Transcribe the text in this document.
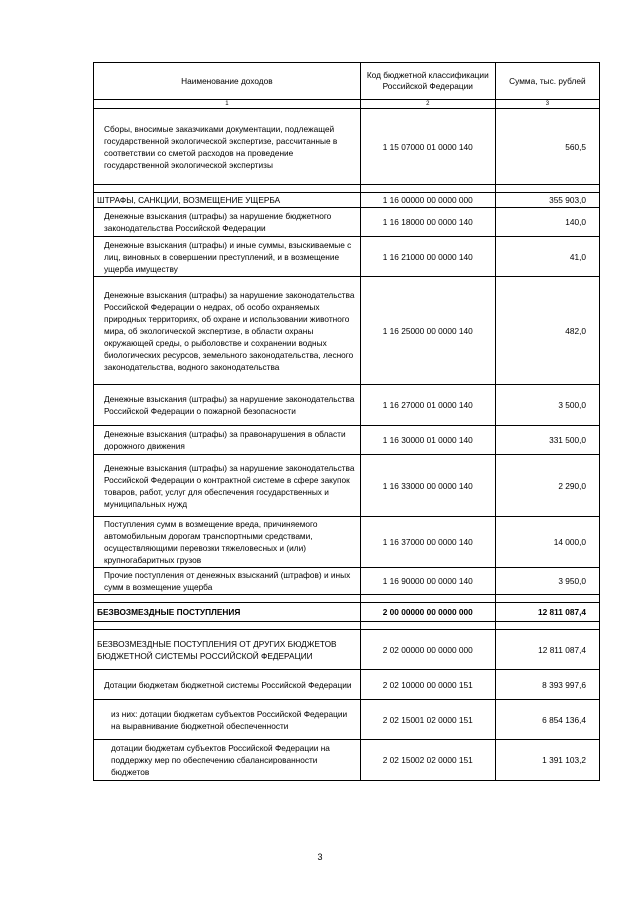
Наименование доходов	Код бюджетной классификации Российской Федерации	Сумма, тыс. рублей
1	2	3
Сборы, вносимые заказчиками документации, подлежащей государственной экологической экспертизе, рассчитанные в соответствии со сметой расходов на проведение государственной экологической экспертизы	1 15 07000 01 0000 140	560,5

ШТРАФЫ, САНКЦИИ, ВОЗМЕЩЕНИЕ УЩЕРБА	1 16 00000 00 0000 000	355 903,0
Денежные взыскания (штрафы) за нарушение бюджетного законодательства Российской Федерации	1 16 18000 00 0000 140	140,0
Денежные взыскания (штрафы) и иные суммы, взыскиваемые с лиц, виновных в совершении преступлений, и в возмещение ущерба имуществу	1 16 21000 00 0000 140	41,0
Денежные взыскания (штрафы) за нарушение законодательства Российской Федерации о недрах, об особо охраняемых природных территориях, об охране и использовании животного мира, об экологической экспертизе, в области охраны окружающей среды, о рыболовстве и сохранении водных биологических ресурсов, земельного законодательства, лесного законодательства, водного законодательства	1 16 25000 00 0000 140	482,0
Денежные взыскания (штрафы) за нарушение законодательства Российской Федерации о пожарной безопасности	1 16 27000 01 0000 140	3 500,0
Денежные взыскания (штрафы) за правонарушения в области дорожного движения	1 16 30000 01 0000 140	331 500,0
Денежные взыскания (штрафы) за нарушение законодательства Российской Федерации о контрактной системе в сфере закупок товаров, работ, услуг для обеспечения государственных и муниципальных нужд	1 16 33000 00 0000 140	2 290,0
Поступления сумм в возмещение вреда, причиняемого автомобильным дорогам транспортными средствами, осуществляющими перевозки тяжеловесных и (или) крупногабаритных грузов	1 16 37000 00 0000 140	14 000,0
Прочие поступления от денежных взысканий (штрафов) и иных сумм в возмещение ущерба	1 16 90000 00 0000 140	3 950,0

БЕЗВОЗМЕЗДНЫЕ ПОСТУПЛЕНИЯ	2 00 00000 00 0000 000	12 811 087,4

БЕЗВОЗМЕЗДНЫЕ ПОСТУПЛЕНИЯ ОТ ДРУГИХ БЮДЖЕТОВ БЮДЖЕТНОЙ СИСТЕМЫ РОССИЙСКОЙ ФЕДЕРАЦИИ	2 02 00000 00 0000 000	12 811 087,4
Дотации бюджетам бюджетной системы Российской Федерации	2 02 10000 00 0000 151	8 393 997,6
из них: дотации бюджетам субъектов Российской Федерации на выравнивание бюджетной обеспеченности	2 02 15001 02 0000 151	6 854 136,4
дотации бюджетам субъектов Российской Федерации на поддержку мер по обеспечению сбалансированности бюджетов	2 02 15002 02 0000 151	1 391 103,2
3
